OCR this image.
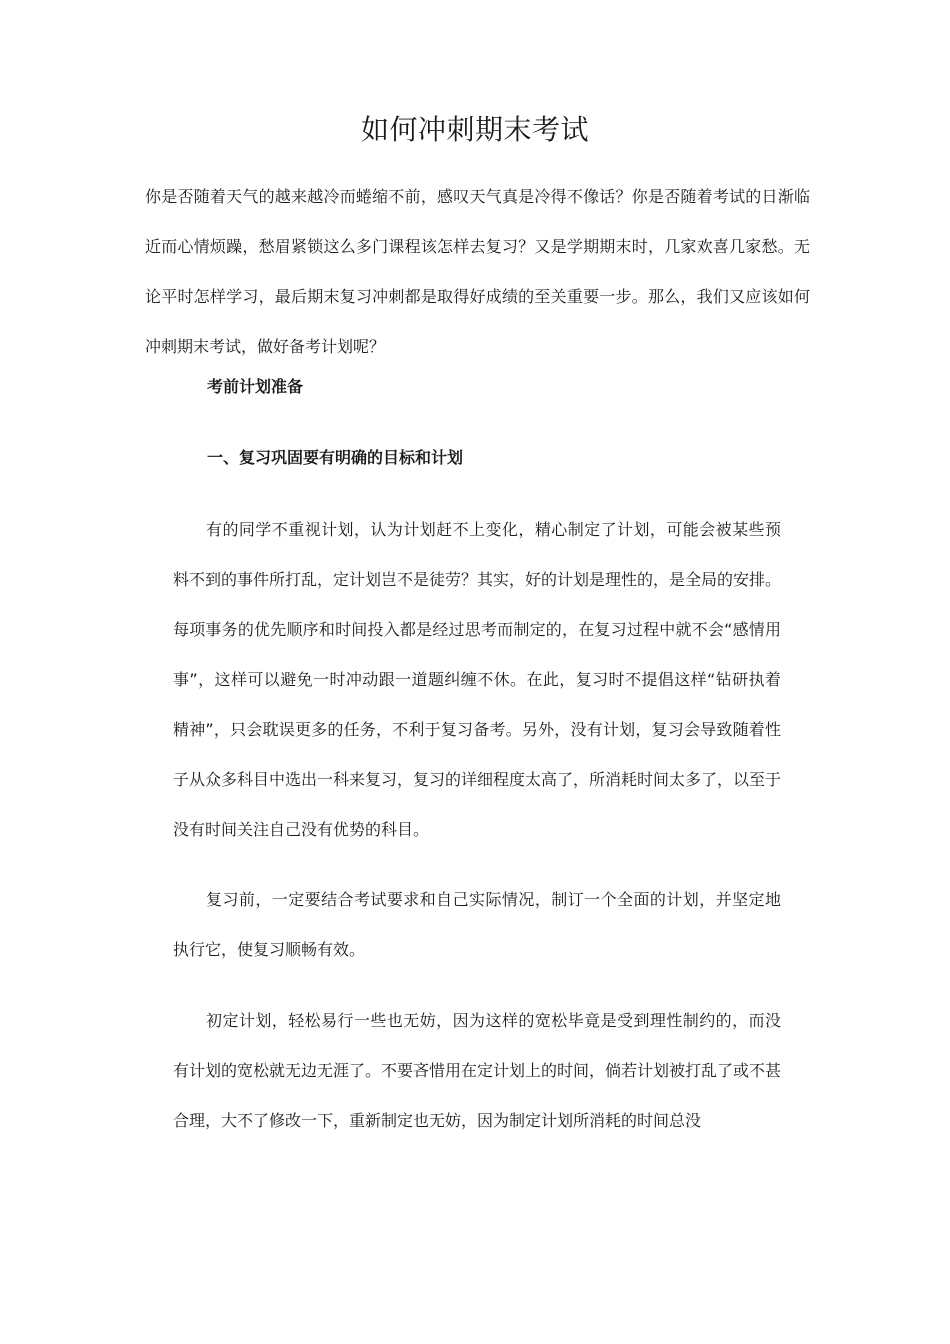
如何冲刺期末考试

你是否随着天气的越来越冷而蜷缩不前，感叹天气真是冷得不像话？你是否随着考试的日渐临近而心情烦躁，愁眉紧锁这么多门课程该怎样去复习？又是学期期末时，几家欢喜几家愁。无论平时怎样学习，最后期末复习冲刺都是取得好成绩的至关重要一步。那么，我们又应该如何冲刺期末考试，做好备考计划呢？

考前计划准备

一、复习巩固要有明确的目标和计划

有的同学不重视计划，认为计划赶不上变化，精心制定了计划，可能会被某些预料不到的事件所打乱，定计划岂不是徒劳？其实，好的计划是理性的，是全局的安排。每项事务的优先顺序和时间投入都是经过思考而制定的，在复习过程中就不会“感情用事”，这样可以避免一时冲动跟一道题纠缠不休。在此，复习时不提倡这样“钻研执着精神”，只会耽误更多的任务，不利于复习备考。另外，没有计划，复习会导致随着性子从众多科目中选出一科来复习，复习的详细程度太高了，所消耗时间太多了，以至于没有时间关注自己没有优势的科目。

复习前，一定要结合考试要求和自己实际情况，制订一个全面的计划，并坚定地执行它，使复习顺畅有效。

初定计划，轻松易行一些也无妨，因为这样的宽松毕竟是受到理性制约的，而没有计划的宽松就无边无涯了。不要吝惜用在定计划上的时间，倘若计划被打乱了或不甚合理，大不了修改一下，重新制定也无妨，因为制定计划所消耗的时间总没
